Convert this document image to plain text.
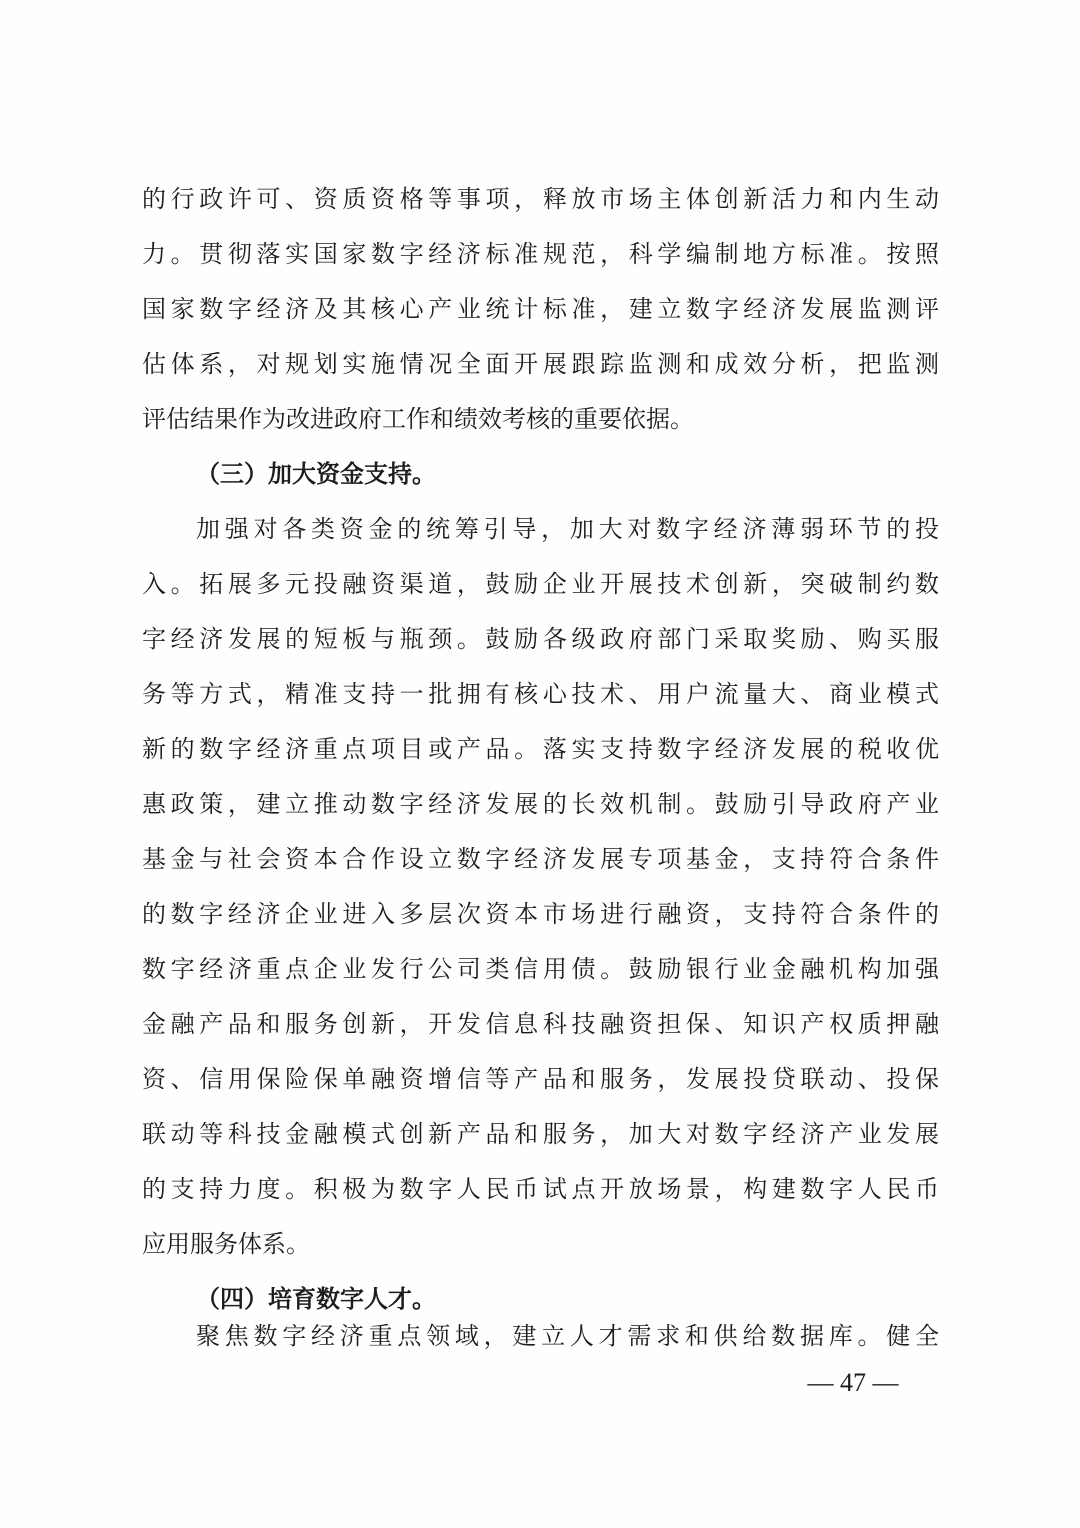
的行政许可、资质资格等事项，释放市场主体创新活力和内生动
力。贯彻落实国家数字经济标准规范，科学编制地方标准。按照
国家数字经济及其核心产业统计标准，建立数字经济发展监测评
估体系，对规划实施情况全面开展跟踪监测和成效分析，把监测
评估结果作为改进政府工作和绩效考核的重要依据。
（三）加大资金支持。
加强对各类资金的统筹引导，加大对数字经济薄弱环节的投
入。拓展多元投融资渠道，鼓励企业开展技术创新，突破制约数
字经济发展的短板与瓶颈。鼓励各级政府部门采取奖励、购买服
务等方式，精准支持一批拥有核心技术、用户流量大、商业模式
新的数字经济重点项目或产品。落实支持数字经济发展的税收优
惠政策，建立推动数字经济发展的长效机制。鼓励引导政府产业
基金与社会资本合作设立数字经济发展专项基金，支持符合条件
的数字经济企业进入多层次资本市场进行融资，支持符合条件的
数字经济重点企业发行公司类信用债。鼓励银行业金融机构加强
金融产品和服务创新，开发信息科技融资担保、知识产权质押融
资、信用保险保单融资增信等产品和服务，发展投贷联动、投保
联动等科技金融模式创新产品和服务，加大对数字经济产业发展
的支持力度。积极为数字人民币试点开放场景，构建数字人民币
应用服务体系。
（四）培育数字人才。
聚焦数字经济重点领域，建立人才需求和供给数据库。健全
— 47 —
